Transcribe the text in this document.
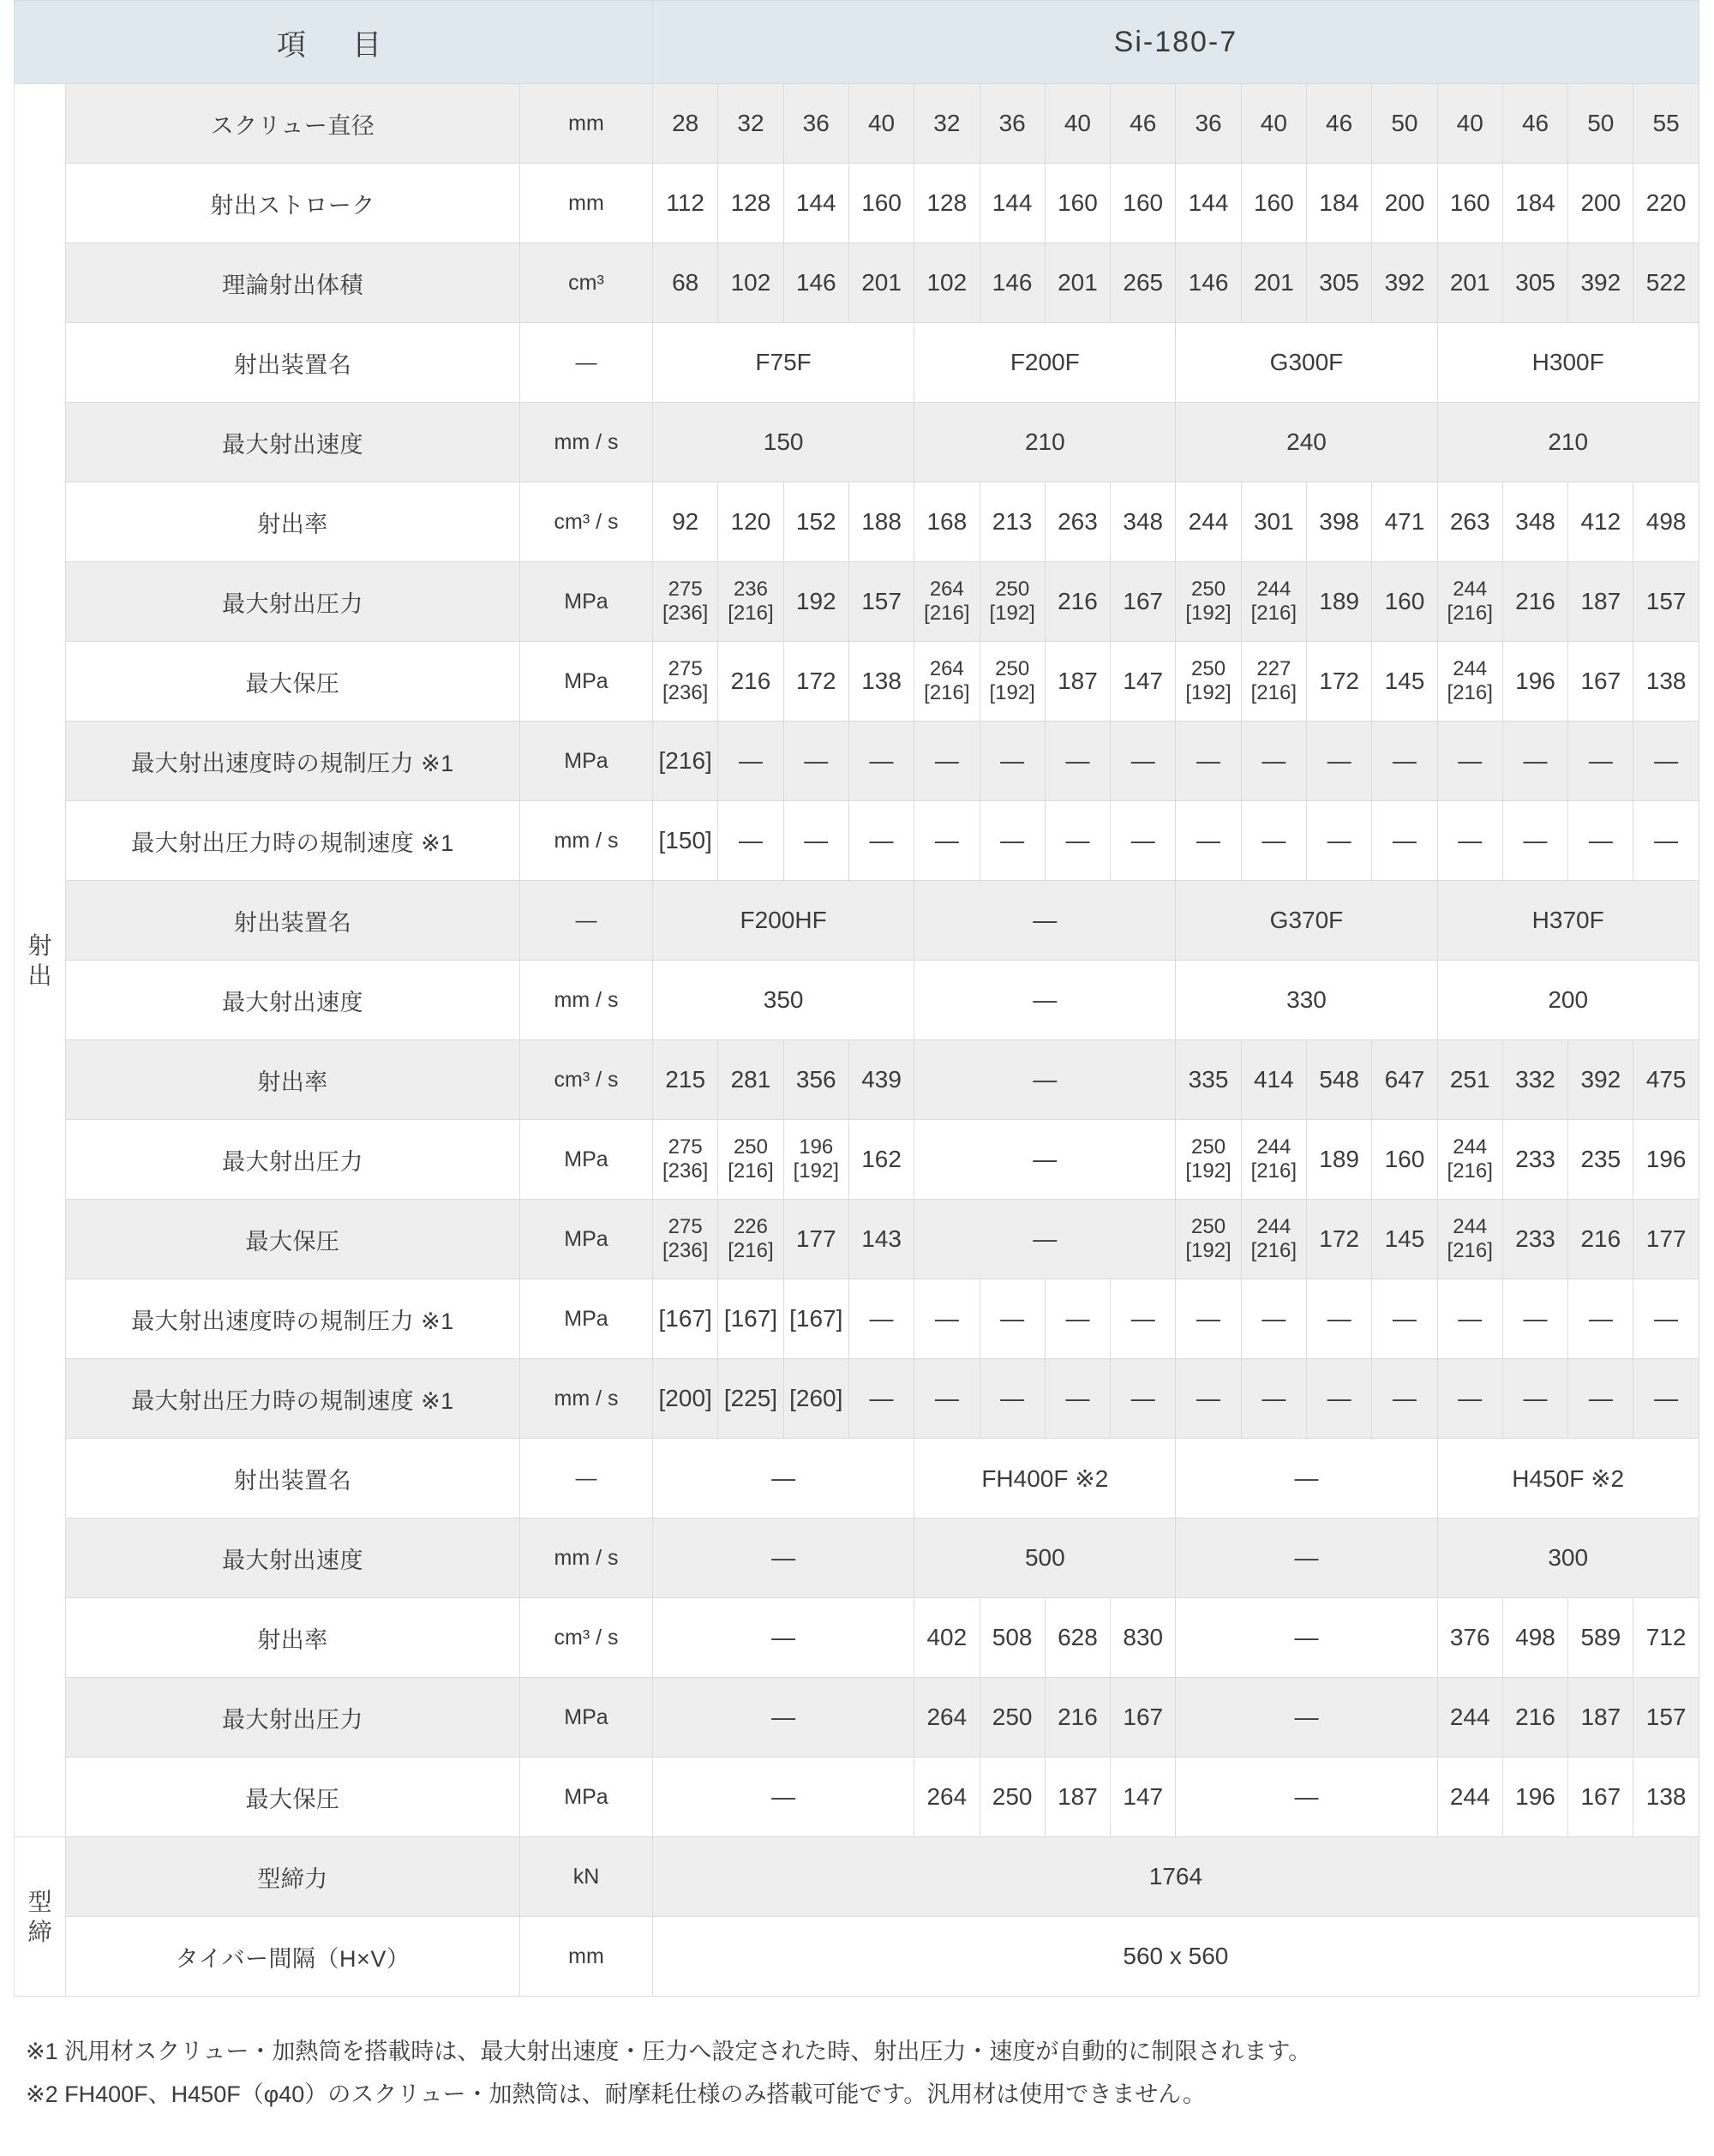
項　目			Si-180-7															

射
出	スクリュー直径	mm	28	32	36	40	32	36	40	46	36	40	46	50	40	46	50	55
	射出ストローク	mm	112	128	144	160	128	144	160	160	144	160	184	200	160	184	200	220
	理論射出体積	cm³	68	102	146	201	102	146	201	265	146	201	305	392	201	305	392	522
	射出装置名	—	F75F				F200F				G300F				H300F			
	最大射出速度	mm / s	150				210				240				210			
	射出率	cm³ / s	92	120	152	188	168	213	263	348	244	301	398	471	263	348	412	498
	最大射出圧力	MPa	275
[236]	236
[216]	192	157	264
[216]	250
[192]	216	167	250
[192]	244
[216]	189	160	244
[216]	216	187	157
	最大保圧	MPa	275
[236]	216	172	138	264
[216]	250
[192]	187	147	250
[192]	227
[216]	172	145	244
[216]	196	167	138
	最大射出速度時の規制圧力 ※1	MPa	[216]	—	—	—	—	—	—	—	—	—	—	—	—	—	—	—
	最大射出圧力時の規制速度 ※1	mm / s	[150]	—	—	—	—	—	—	—	—	—	—	—	—	—	—	—
	射出装置名	—	F200HF				—				G370F				H370F			
	最大射出速度	mm / s	350				—				330				200			
	射出率	cm³ / s	215	281	356	439	—				335	414	548	647	251	332	392	475
	最大射出圧力	MPa	275
[236]	250
[216]	196
[192]	162	—				250
[192]	244
[216]	189	160	244
[216]	233	235	196
	最大保圧	MPa	275
[236]	226
[216]	177	143	—				250
[192]	244
[216]	172	145	244
[216]	233	216	177
	最大射出速度時の規制圧力 ※1	MPa	[167]	[167]	[167]	—	—	—	—	—	—	—	—	—	—	—	—	—
	最大射出圧力時の規制速度 ※1	mm / s	[200]	[225]	[260]	—	—	—	—	—	—	—	—	—	—	—	—	—
	射出装置名	—	—				FH400F ※2				—				H450F ※2			
	最大射出速度	mm / s	—				500				—				300			
	射出率	cm³ / s	—				402	508	628	830	—				376	498	589	712
	最大射出圧力	MPa	—				264	250	216	167	—				244	216	187	157
	最大保圧	MPa	—				264	250	187	147	—				244	196	167	138

型
締	型締力	kN	1764															
	タイバー間隔（H×V）	mm	560 x 560															
※1 汎用材スクリュー・加熱筒を搭載時は、最大射出速度・圧力へ設定された時、射出圧力・速度が自動的に制限されます。
※2 FH400F、H450F（φ40）のスクリュー・加熱筒は、耐摩耗仕様のみ搭載可能です。汎用材は使用できません。
